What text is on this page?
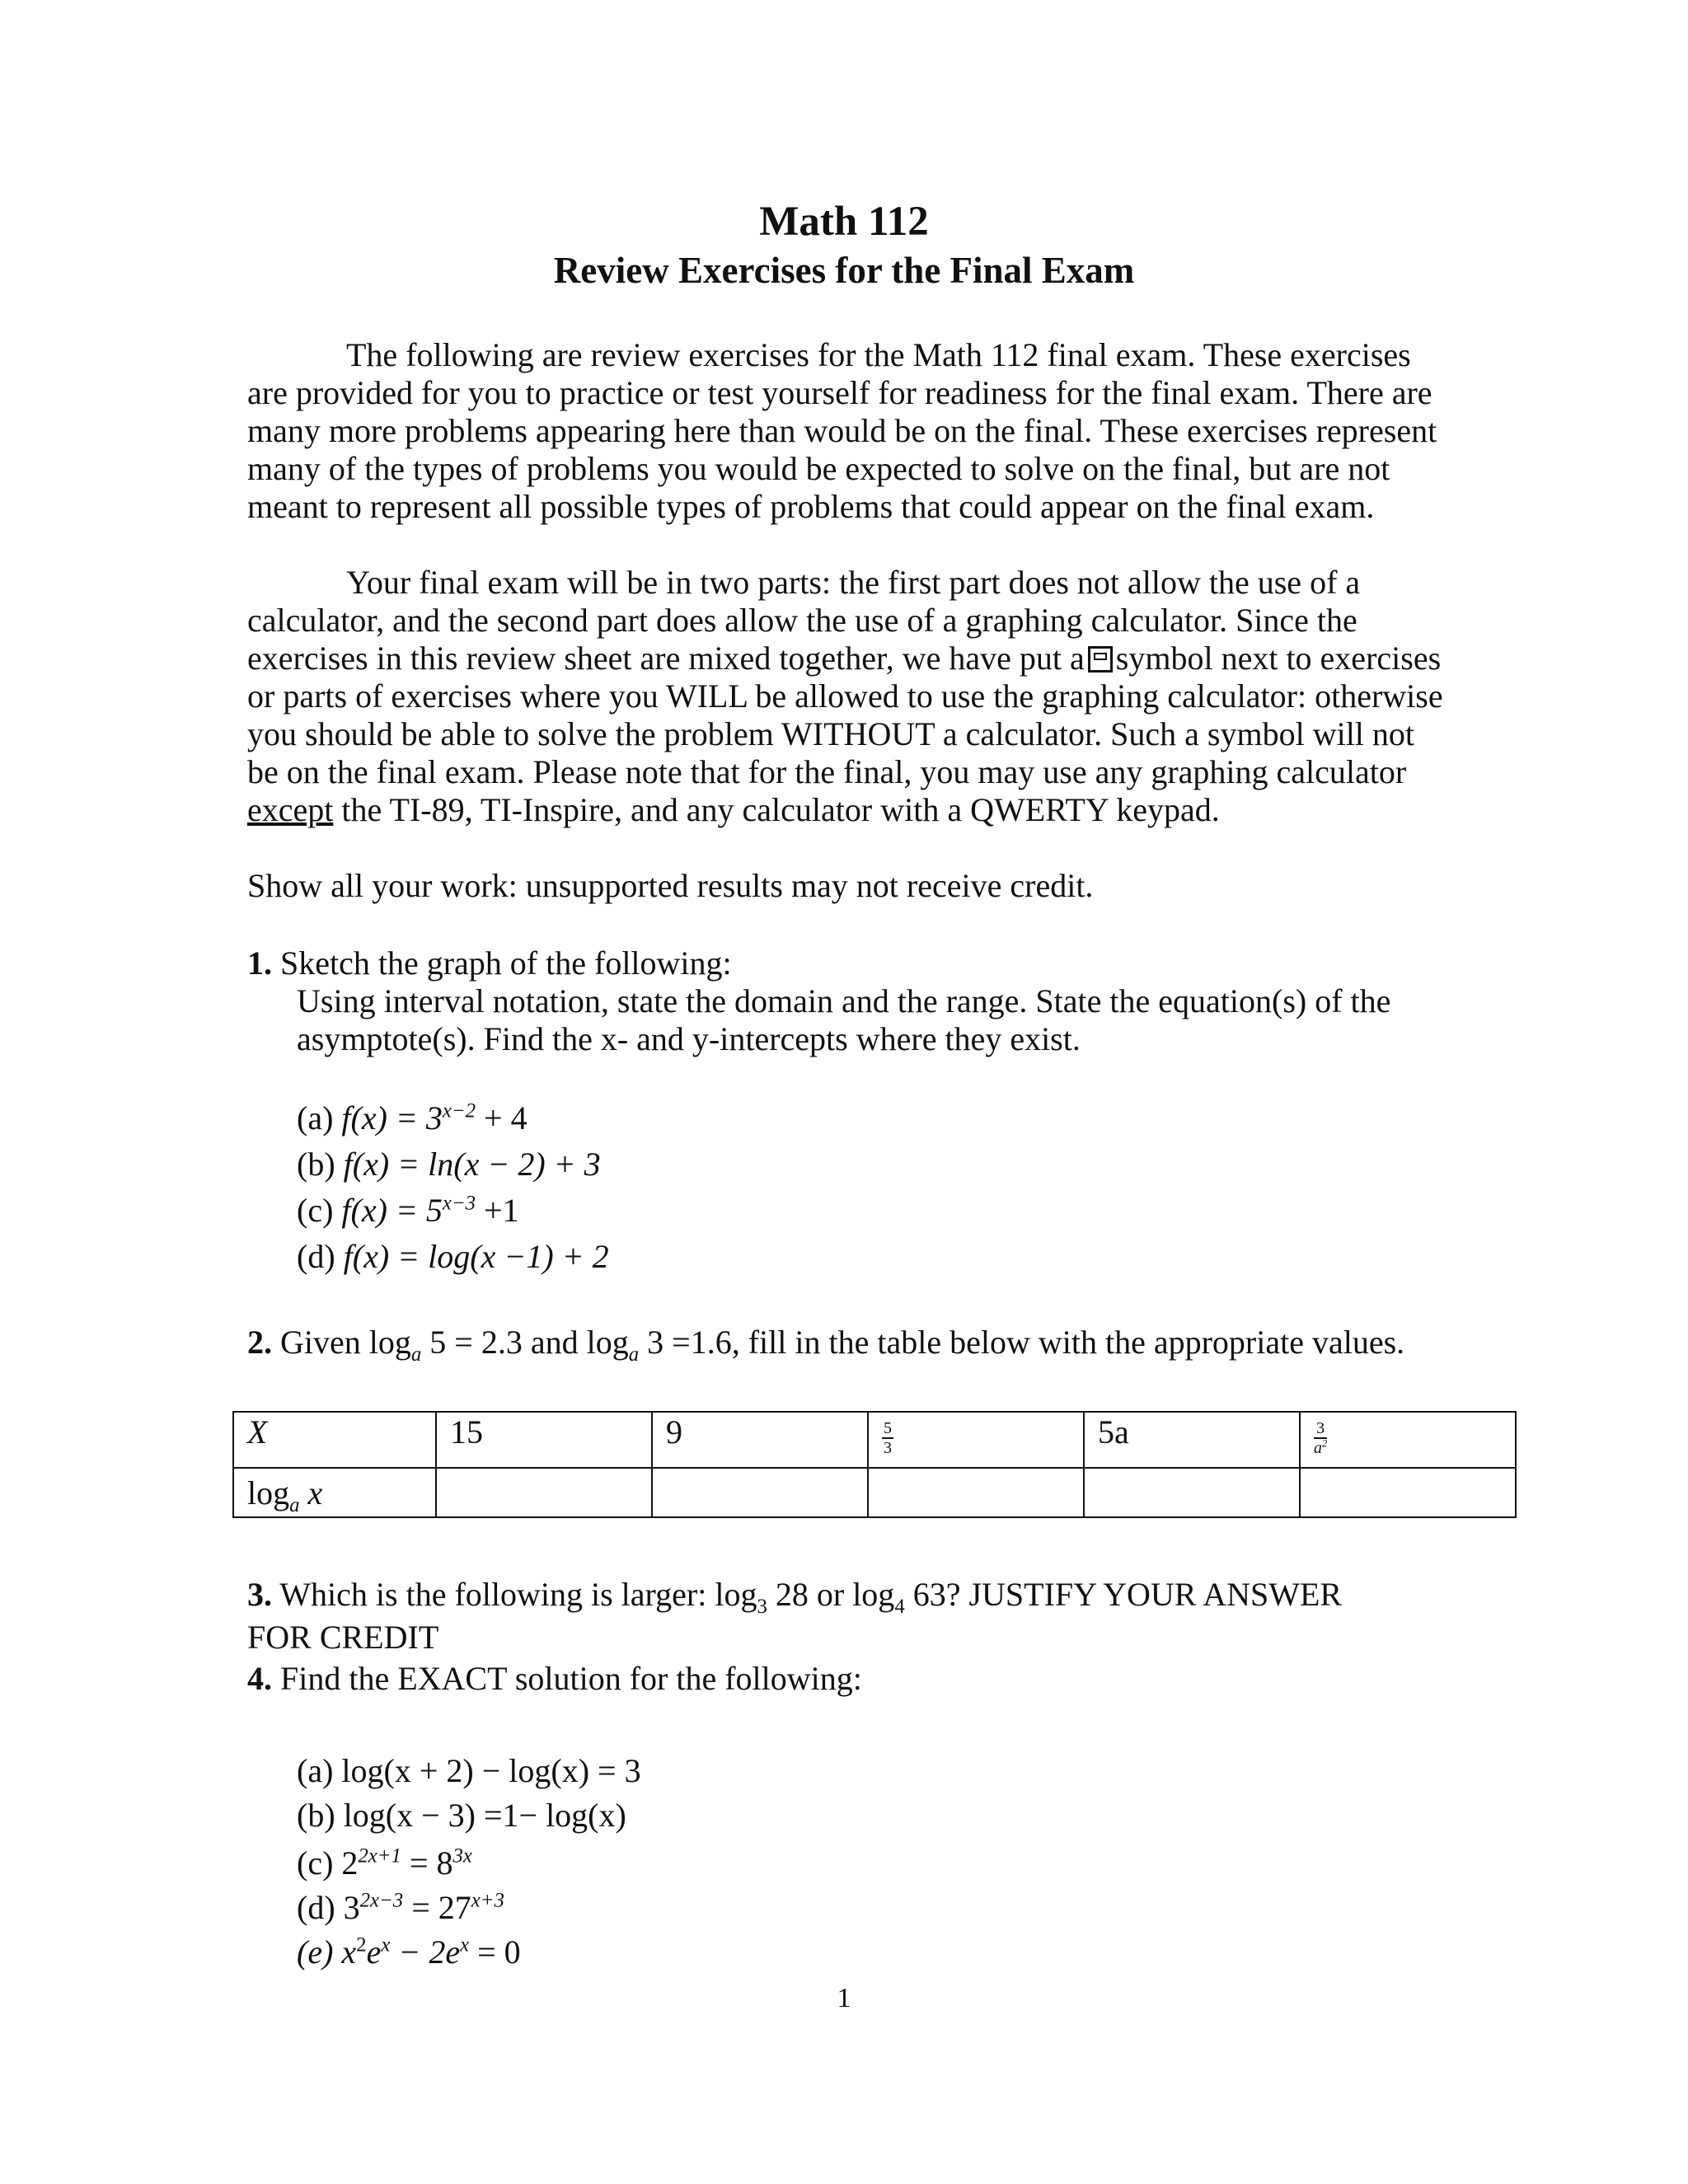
Math 112
Review Exercises for the Final Exam
The following are review exercises for the Math 112 final exam. These exercises are provided for you to practice or test yourself for readiness for the final exam. There are many more problems appearing here than would be on the final. These exercises represent many of the types of problems you would be expected to solve on the final, but are not meant to represent all possible types of problems that could appear on the final exam.
Your final exam will be in two parts: the first part does not allow the use of a calculator, and the second part does allow the use of a graphing calculator. Since the exercises in this review sheet are mixed together, we have put a symbol next to exercises or parts of exercises where you WILL be allowed to use the graphing calculator: otherwise you should be able to solve the problem WITHOUT a calculator. Such a symbol will not be on the final exam. Please note that for the final, you may use any graphing calculator except the TI-89, TI-Inspire, and any calculator with a QWERTY keypad.
Show all your work: unsupported results may not receive credit.
1. Sketch the graph of the following:
Using interval notation, state the domain and the range. State the equation(s) of the
asymptote(s). Find the x- and y-intercepts where they exist.
(a) $f(x) = 3^{x-2} + 4$
(b) f(x) = ln(x − 2) + 3
(c) $f(x) = 5^{x-3} +1$
(d) f(x) = log(x −1) + 2
2. Given $\log_a 5 = 2.3$ and $\log_a 3 =1.6$, fill in the table below with the appropriate values.
X	15	9	$\frac{5}{3}$	5a	$\frac{3}{a^2}$

$\log_a x$					
3. Which is the following is larger: $\log_3 28$ or $\log_4 63$? JUSTIFY YOUR ANSWER
FOR CREDIT
4. Find the EXACT solution for the following:
(a) log(x + 2) − log(x) = 3
(b) log(x − 3) =1− log(x)
(c) $2^{2x+1} = 8^{3x}$
(d) $3^{2x-3} = 27^{x+3}$
(e) $x^2e^x - 2e^x = 0$
1
